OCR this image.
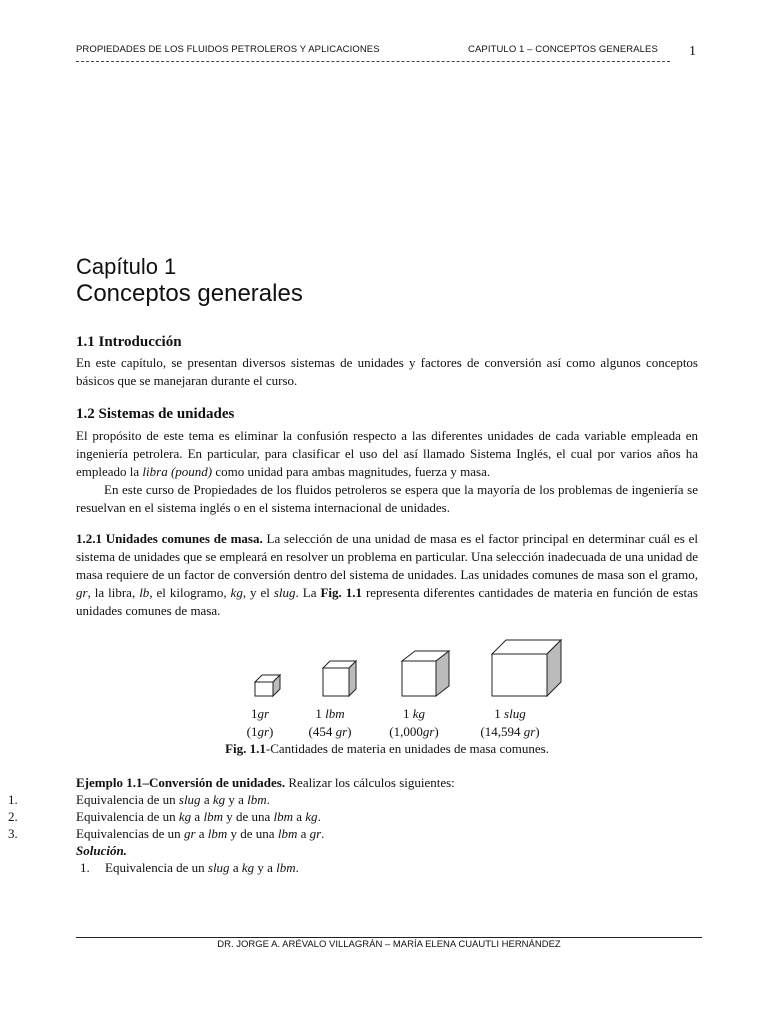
PROPIEDADES DE LOS FLUIDOS PETROLEROS Y APLICACIONES	CAPITULO 1 – CONCEPTOS GENERALES 1
Capítulo 1
Conceptos generales
1.1 Introducción
En este capítulo, se presentan diversos sistemas de unidades y factores de conversión así como algunos conceptos básicos que se manejaran durante el curso.
1.2 Sistemas de unidades

El propósito de este tema es eliminar la confusión respecto a las diferentes unidades de cada variable empleada en ingeniería petrolera. En particular, para clasificar el uso del así llamado Sistema Inglés, el cual por varios años ha empleado la libra (pound) como unidad para ambas magnitudes, fuerza y masa.

En este curso de Propiedades de los fluidos petroleros se espera que la mayoría de los problemas de ingeniería se resuelvan en el sistema inglés o en el sistema internacional de unidades.

1.2.1 Unidades comunes de masa. La selección de una unidad de masa es el factor principal en determinar cuál es el sistema de unidades que se empleará en resolver un problema en particular. Una selección inadecuada de una unidad de masa requiere de un factor de conversión dentro del sistema de unidades. Las unidades comunes de masa son el gramo, gr, la libra, lb, el kilogramo, kg, y el slug. La Fig. 1.1 representa diferentes cantidades de materia en función de estas unidades comunes de masa.
1gr
(1gr)
1 lbm
(454 gr)
1 kg
(1,000gr)
1 slug
(14,594 gr)
Fig. 1.1-Cantidades de materia en unidades de masa comunes.
Ejemplo 1.1–Conversión de unidades. Realizar los cálculos siguientes:
1.	Equivalencia de un slug a kg y a lbm.
2.	Equivalencia de un kg a lbm y de una lbm a kg.
3.	Equivalencias de un gr a lbm y de una lbm a gr.
Solución.
1. Equivalencia de un slug a kg y a lbm.
DR. JORGE A. ARÉVALO VILLAGRÁN – MARÍA ELENA CUAUTLI HERNÁNDEZ
